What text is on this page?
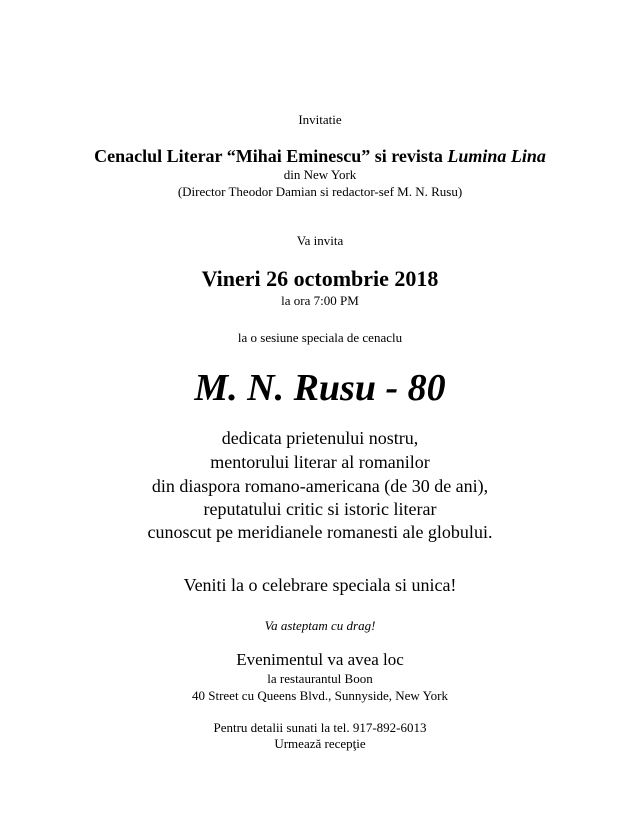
Invitatie
Cenaclul Literar “Mihai Eminescu” si revista Lumina Lina
din New York
(Director Theodor Damian si redactor-sef M. N. Rusu)
Va invita
Vineri 26 octombrie 2018
la ora 7:00 PM
la o sesiune speciala de cenaclu
M. N. Rusu - 80
dedicata prietenului nostru,
mentorului literar al romanilor
din diaspora romano-americana (de 30 de ani),
reputatului critic si istoric literar
cunoscut pe meridianele romanesti ale globului.
Veniti la o celebrare speciala si unica!
Va asteptam cu drag!
Evenimentul va avea loc
la restaurantul Boon
40 Street cu Queens Blvd., Sunnyside, New York
Pentru detalii sunati la tel. 917-892-6013
Urmează recepţie
